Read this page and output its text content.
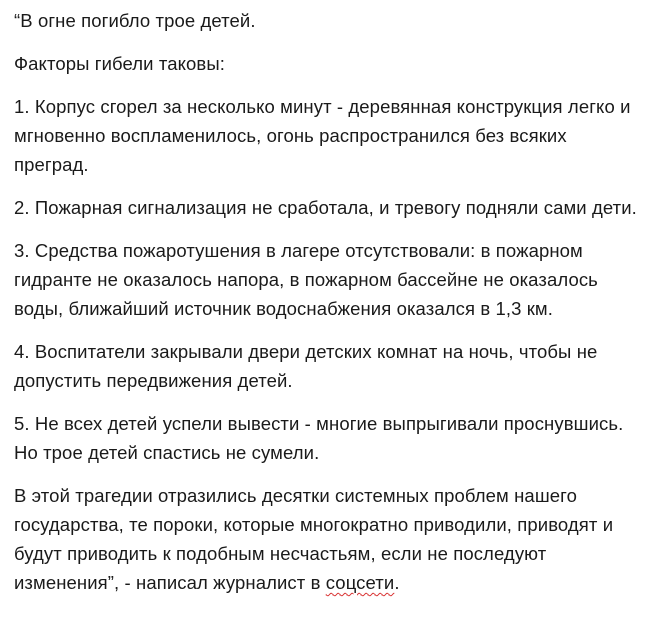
“В огне погибло трое детей.

Факторы гибели таковы:

1. Корпус сгорел за несколько минут - деревянная конструкция легко и мгновенно воспламенилось, огонь распространился без всяких преград.

2. Пожарная сигнализация не сработала, и тревогу подняли сами дети.

3. Средства пожаротушения в лагере отсутствовали: в пожарном гидранте не оказалось напора, в пожарном бассейне не оказалось воды, ближайший источник водоснабжения оказался в 1,3 км.

4. Воспитатели закрывали двери детских комнат на ночь, чтобы не допустить передвижения детей.

5. Не всех детей успели вывести - многие выпрыгивали проснувшись. Но трое детей спастись не сумели.

В этой трагедии отразились десятки системных проблем нашего государства, те пороки, которые многократно приводили, приводят и будут приводить к подобным несчастьям, если не последуют изменения”, - написал журналист в соцсети.
